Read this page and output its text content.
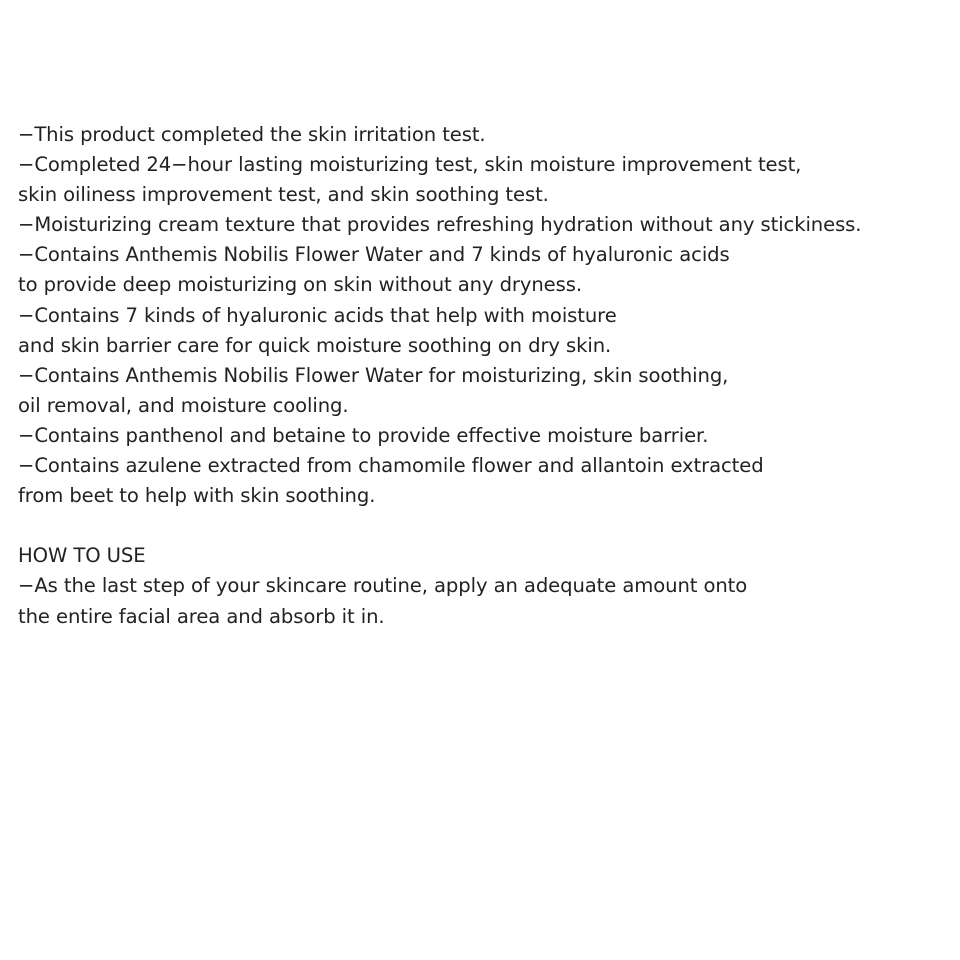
−This product completed the skin irritation test.
−Completed 24−hour lasting moisturizing test, skin moisture improvement test,
skin oiliness improvement test, and skin soothing test.
−Moisturizing cream texture that provides refreshing hydration without any stickiness.
−Contains Anthemis Nobilis Flower Water and 7 kinds of hyaluronic acids
to provide deep moisturizing on skin without any dryness.
−Contains 7 kinds of hyaluronic acids that help with moisture
and skin barrier care for quick moisture soothing on dry skin.
−Contains Anthemis Nobilis Flower Water for moisturizing, skin soothing,
oil removal, and moisture cooling.
−Contains panthenol and betaine to provide effective moisture barrier.
−Contains azulene extracted from chamomile flower and allantoin extracted
from beet to help with skin soothing.
HOW TO USE
−As the last step of your skincare routine, apply an adequate amount onto
the entire facial area and absorb it in.
